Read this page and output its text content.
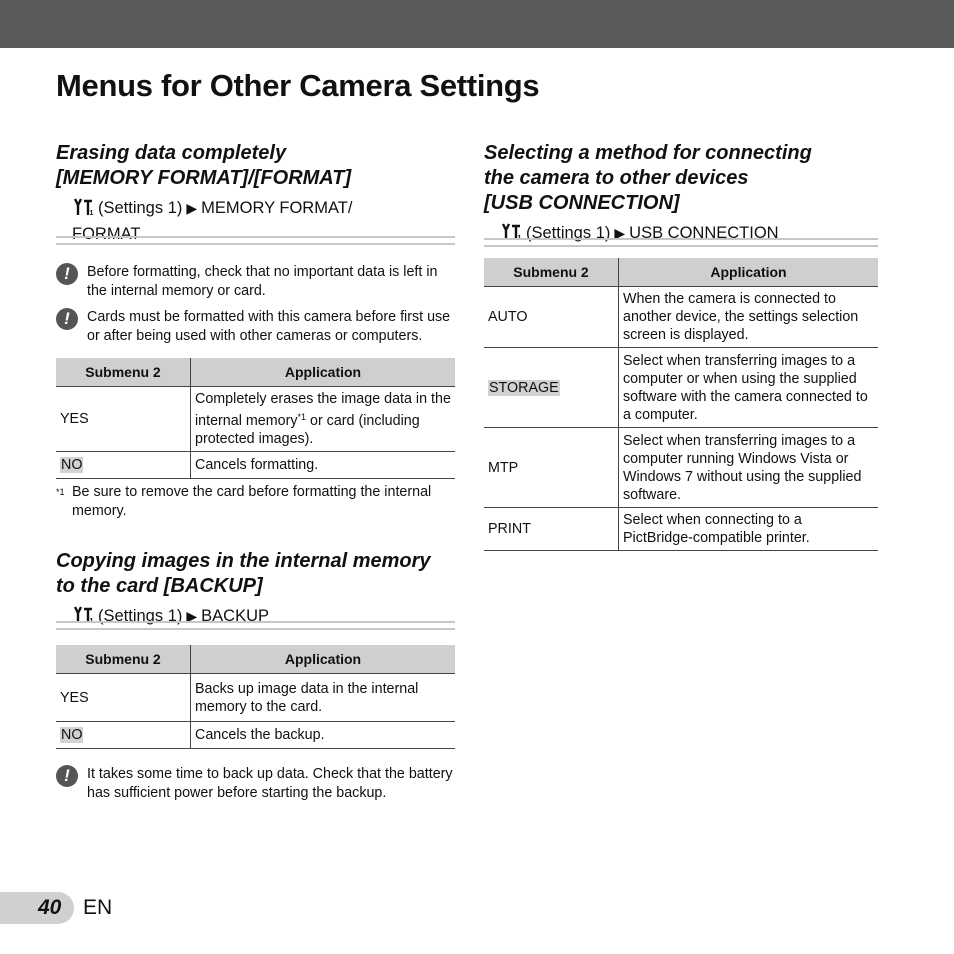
Menus for Other Camera Settings
Erasing data completely
[MEMORY FORMAT]/[FORMAT]
1 (Settings 1) ▶ MEMORY FORMAT/
FORMAT
!	Before formatting, check that no important data is left in the internal memory or card.
!	Cards must be formatted with this camera before first use or after being used with other cameras or computers.
Submenu 2	Application
YES	Completely erases the image data in the internal memory$^{*1}$ or card (including protected images).
NO	Cancels formatting.
*1 Be sure to remove the card before formatting the internal memory.
Copying images in the internal memory
to the card [BACKUP]
1 (Settings 1) ▶ BACKUP
Submenu 2	Application
YES	Backs up image data in the internal memory to the card.
NO	Cancels the backup.
!	It takes some time to back up data. Check that the battery has sufficient power before starting the backup.
Selecting a method for connecting
the camera to other devices
[USB CONNECTION]
1 (Settings 1) ▶ USB CONNECTION
Submenu 2	Application
AUTO	When the camera is connected to another device, the settings selection screen is displayed.
STORAGE	Select when transferring images to a computer or when using the supplied software with the camera connected to a computer.
MTP	Select when transferring images to a computer running Windows Vista or Windows 7 without using the supplied software.
PRINT	Select when connecting to a PictBridge-compatible printer.
40 EN
